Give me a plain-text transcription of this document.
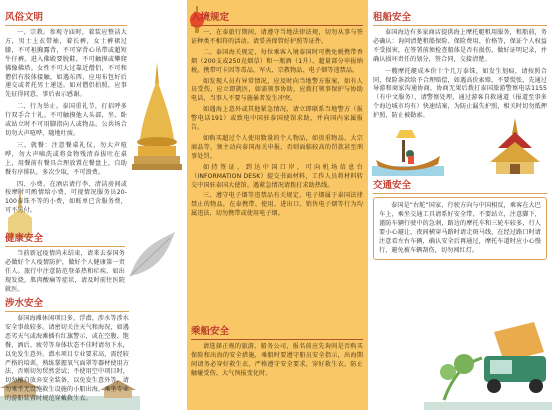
风俗文明

一、宗教。参观寺庙时，着装应整洁大方，男士上衣带袖，着长裤，女士裤裙过膝，不可袒胸露背，不可穿背心吊带或超短牛仔裤。进入佛殿要脱鞋，不可触摸或攀爬佛像佛塔。女性不可大过靠近僧侣，不可和僧侣有肢体接触，如遇东西，应用布包好后递交或者托男士递送。如对僧侣拍照，应事先征得同意，事后表示感谢。

二、行为举止。泰国重礼节，打招呼多行双手合十礼。不可触摸他人头部，坐、卧或站立时不可用脚指向人或物品。公共场合切勿大声喧哗，随地吐痰。

三、就餐：注意餐桌礼仪，勿大声喧哗，勿大声嘀洗或将食物残渣吞拔吐在桌上，用餐前有餐具合理放置在餐盘上，自助餐有序排队，多次少取，不可浪费。

四、小费。在酒店请行李、清洁房间或按摩时可酌情给小费，可视情况服务员20-100泰铢不等的小费，如账单已含服务费，可不另付。

健康安全

当前新冠疫情尚未结束，请来去泰国务必做好个人疫情防护，做好个人健康第一责任人。旅行中注意防范登革热和疟疾，如出现发烧，肌肉酸痛等症状，请及时前往医院就医。

涉水安全

泰国海滩休闲项目多，浮潜、涉水等涉水安全事故较多。请密切关注天气和海况，如遇恶劣天气或海滩插有红旗警示，或在空腹、饱餐、酒后、疲劳等身体状态不佳时请勿下水，以免发生意外。潜水项目专业要求高，需经较严格的培训，熟练掌握氧气面罩等器材使用方法，否则切勿贸然尝试；不使用空中项目时，切勿擅自放弃安全装备，以免发生意外等，请勿乘坐无设施救生设施的小船出海，乘坐专业的游船装置时规范穿戴救生衣。

入境规定

一、在泰旅行期间，请遵守当地法律法规，切勿从事与签证种类不相符的活动。请妥善保管好护照等证件。

二、泰国海关规定，每位乘客入境泰国时可携免税携带香烟（200支或250克烟草）和一瓶酒（1升）。超量部分申报纳税。携带可卡因等毒品、军火、宗教物品、电子烟等违禁品。

如发现人员有异常情况，应及时向当地警方报案，如有人员受伤，应立即就医，如需领事协助，应拨打领事保护与协助电话，当事人不要与施暴者发生冲突。

如遇海上意外或其他紧急情况，请立即联系当地警方（报警电话191）或致电中国驻泰国使馆求助，并向国内家属报告。

如购买超过个人使用数量的个人物品，如贵重物品、大宗商品等，须主动向泰国海关申报，否则面临较高的罚款甚至刑事处罚。

如持签证，到达中国口岸，可向机场信息台（INFORMATION DESK）提交书面材料，工作人员将材料转交中国驻泰国大使馆。遇紧急情况请拨打求助热线。

三、遵守电子烟等违禁品有关规定，电子烟属于泰国法律禁止的物品，在泰携带、使用、进出口、销售电子烟等行为均属违法，切勿携带或使用电子烟。

乘船安全

请选择正规的旅游、船务公司，报名前应先询问是否购买保险和出海的安全措施，乘船时要遵守船员安全指示，出海期间请务必穿好救生衣，严格遵守安全要求，穿好救生衣、防止触碰受伤、大气预报变化时。

租船安全

泰国海边有多家商店提供海上摩托艇租用服务，租船前，务必确认：询问清楚租船保险、保险费用、价格等，保证个人权益不受损害，在签署前须检查船体是否有损伤，做好证明记录，并确认损坏责任的划分，签合同，交接清楚。

一艘摩托艇成本价十个几万泰铢，如发生划痕，请按照合同，保险条款给予合理赔偿，如遇高价索赔，不要慌张，先通过导游和商家沟通协商，协商无果后拨打泰国旅游警察电话1155（有中文服务），请警察处理，通过游客自救通道（报道至事多个海边城市均有）快速结案，为防止漏失护照，相关时切勿抵押护照，防止被勒索。

交通安全

泰国是“右舵”国家，行驶方向与中国相反，乘客在大巴车上，乘坐交通工具请系好安全带，不要站立，注意脚下，谨防车辆行驶中的急刹，路边的摩托车和三轮车较多，行人要小心避让，夜间横穿马路时请走斑马线，在经过路口时请注意看左右车辆，确认安全后再通过，摩托车道时应小心慢行，避免被车辆刮伤，切勿闯红灯。
